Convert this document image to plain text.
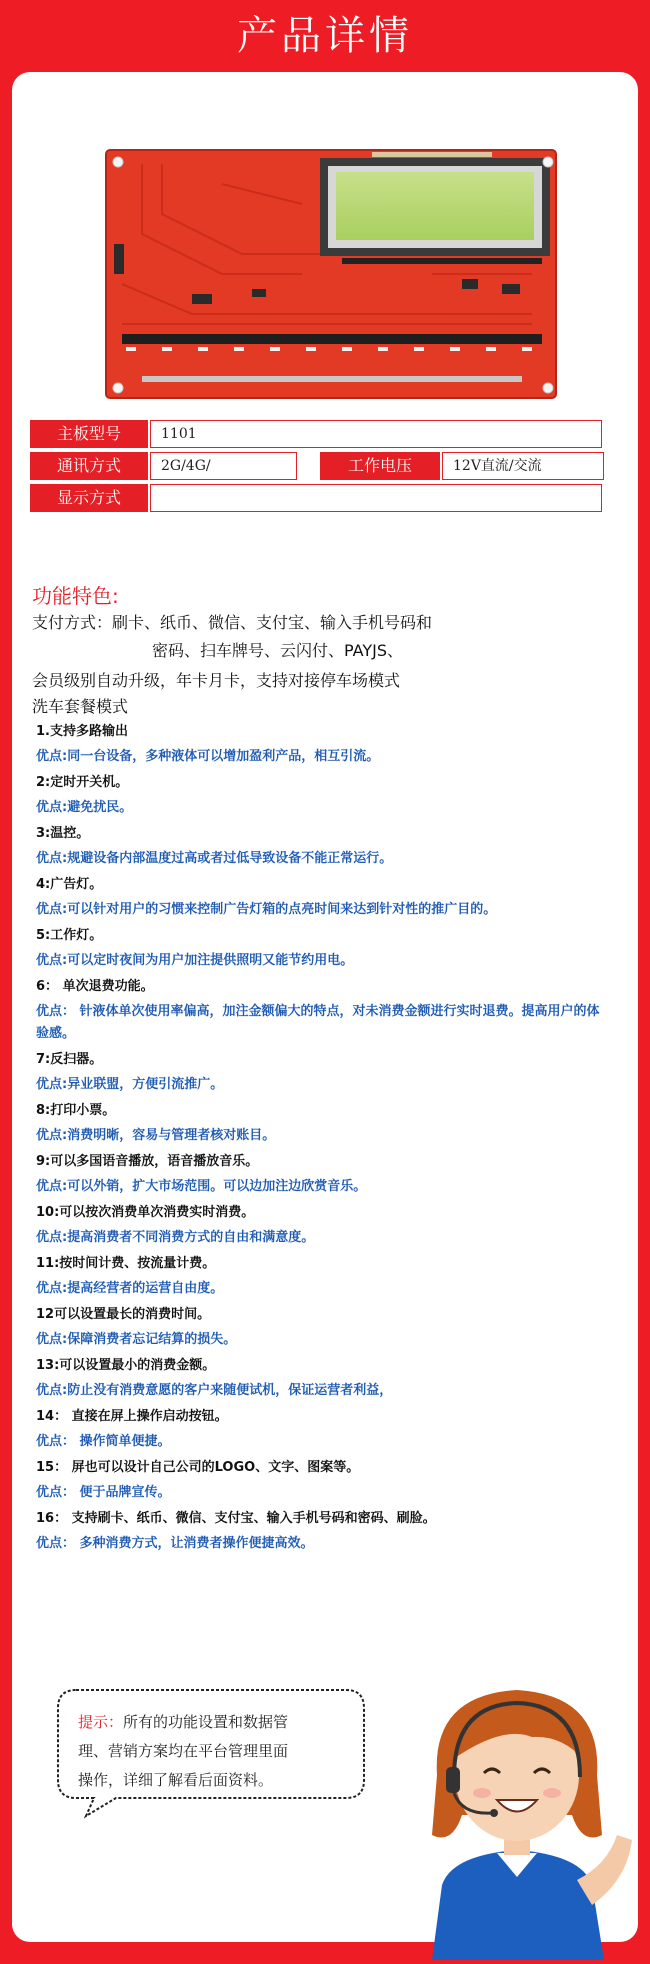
产品详情
主板型号	1101
通讯方式	2G/4G/	工作电压	12V直流/交流
显示方式
功能特色:
支付方式：刷卡、纸币、微信、支付宝、输入手机号码和
密码、扫车牌号、云闪付、PAYJS、
会员级别自动升级，年卡月卡，支持对接停车场模式
洗车套餐模式
1.支持多路输出
优点:同一台设备，多种液体可以增加盈利产品，相互引流。
2:定时开关机。
优点:避免扰民。
3:温控。
优点:规避设备内部温度过高或者过低导致设备不能正常运行。
4:广告灯。
优点:可以针对用户的习惯来控制广告灯箱的点亮时间来达到针对性的推广目的。
5:工作灯。
优点:可以定时夜间为用户加注提供照明又能节约用电。
6： 单次退费功能。
优点： 针液体单次使用率偏高，加注金额偏大的特点，对未消费金额进行实时退费。提高用户的体验感。
7:反扫器。
优点:异业联盟，方便引流推广。
8:打印小票。
优点:消费明晰，容易与管理者核对账目。
9:可以多国语音播放，语音播放音乐。
优点:可以外销，扩大市场范围。可以边加注边欣赏音乐。
10:可以按次消费单次消费实时消费。
优点:提高消费者不同消费方式的自由和满意度。
11:按时间计费、按流量计费。
优点:提高经营者的运营自由度。
12可以设置最长的消费时间。
优点:保障消费者忘记结算的损失。
13:可以设置最小的消费金额。
优点:防止没有消费意愿的客户来随便试机，保证运营者利益，
14： 直接在屏上操作启动按钮。
优点： 操作简单便捷。
15： 屏也可以设计自己公司的LOGO、文字、图案等。
优点： 便于品牌宣传。
16： 支持刷卡、纸币、微信、支付宝、输入手机号码和密码、刷脸。
优点： 多种消费方式，让消费者操作便捷高效。
提示：所有的功能设置和数据管
理、营销方案均在平台管理里面
操作，详细了解看后面资料。
